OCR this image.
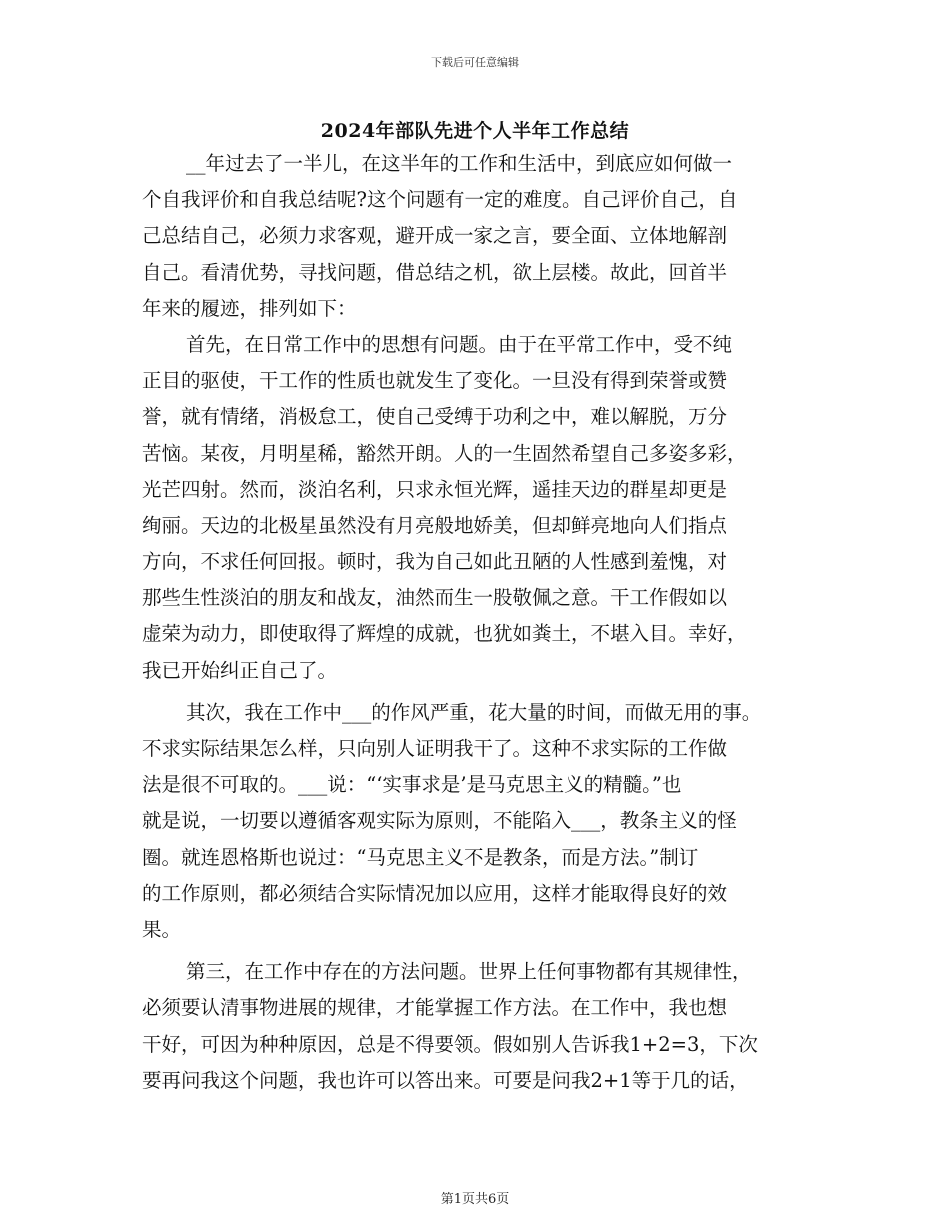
下载后可任意编辑
2024年部队先进个人半年工作总结
__年过去了一半儿，在这半年的工作和生活中，到底应如何做一
个自我评价和自我总结呢?这个问题有一定的难度。自己评价自己，自
己总结自己，必须力求客观，避开成一家之言，要全面、立体地解剖
自己。看清优势，寻找问题，借总结之机，欲上层楼。故此，回首半
年来的履迹，排列如下：
首先，在日常工作中的思想有问题。由于在平常工作中，受不纯
正目的驱使，干工作的性质也就发生了变化。一旦没有得到荣誉或赞
誉，就有情绪，消极怠工，使自己受缚于功利之中，难以解脱，万分
苦恼。某夜，月明星稀，豁然开朗。人的一生固然希望自己多姿多彩，
光芒四射。然而，淡泊名利，只求永恒光辉，遥挂天边的群星却更是
绚丽。天边的北极星虽然没有月亮般地娇美，但却鲜亮地向人们指点
方向，不求任何回报。顿时，我为自己如此丑陋的人性感到羞愧，对
那些生性淡泊的朋友和战友，油然而生一股敬佩之意。干工作假如以
虚荣为动力，即使取得了辉煌的成就，也犹如粪土，不堪入目。幸好，
我已开始纠正自己了。
其次，我在工作中___的作风严重，花大量的时间，而做无用的事。
不求实际结果怎么样，只向别人证明我干了。这种不求实际的工作做
法是很不可取的。___说：“‘实事求是’是马克思主义的精髓。”也
就是说，一切要以遵循客观实际为原则，不能陷入___，教条主义的怪
圈。就连恩格斯也说过：“马克思主义不是教条，而是方法。”制订
的工作原则，都必须结合实际情况加以应用，这样才能取得良好的效
果。
第三，在工作中存在的方法问题。世界上任何事物都有其规律性，
必须要认清事物进展的规律，才能掌握工作方法。在工作中，我也想
干好，可因为种种原因，总是不得要领。假如别人告诉我1+2=3，下次
要再问我这个问题，我也许可以答出来。可要是问我2+1等于几的话，
第1页共6页
